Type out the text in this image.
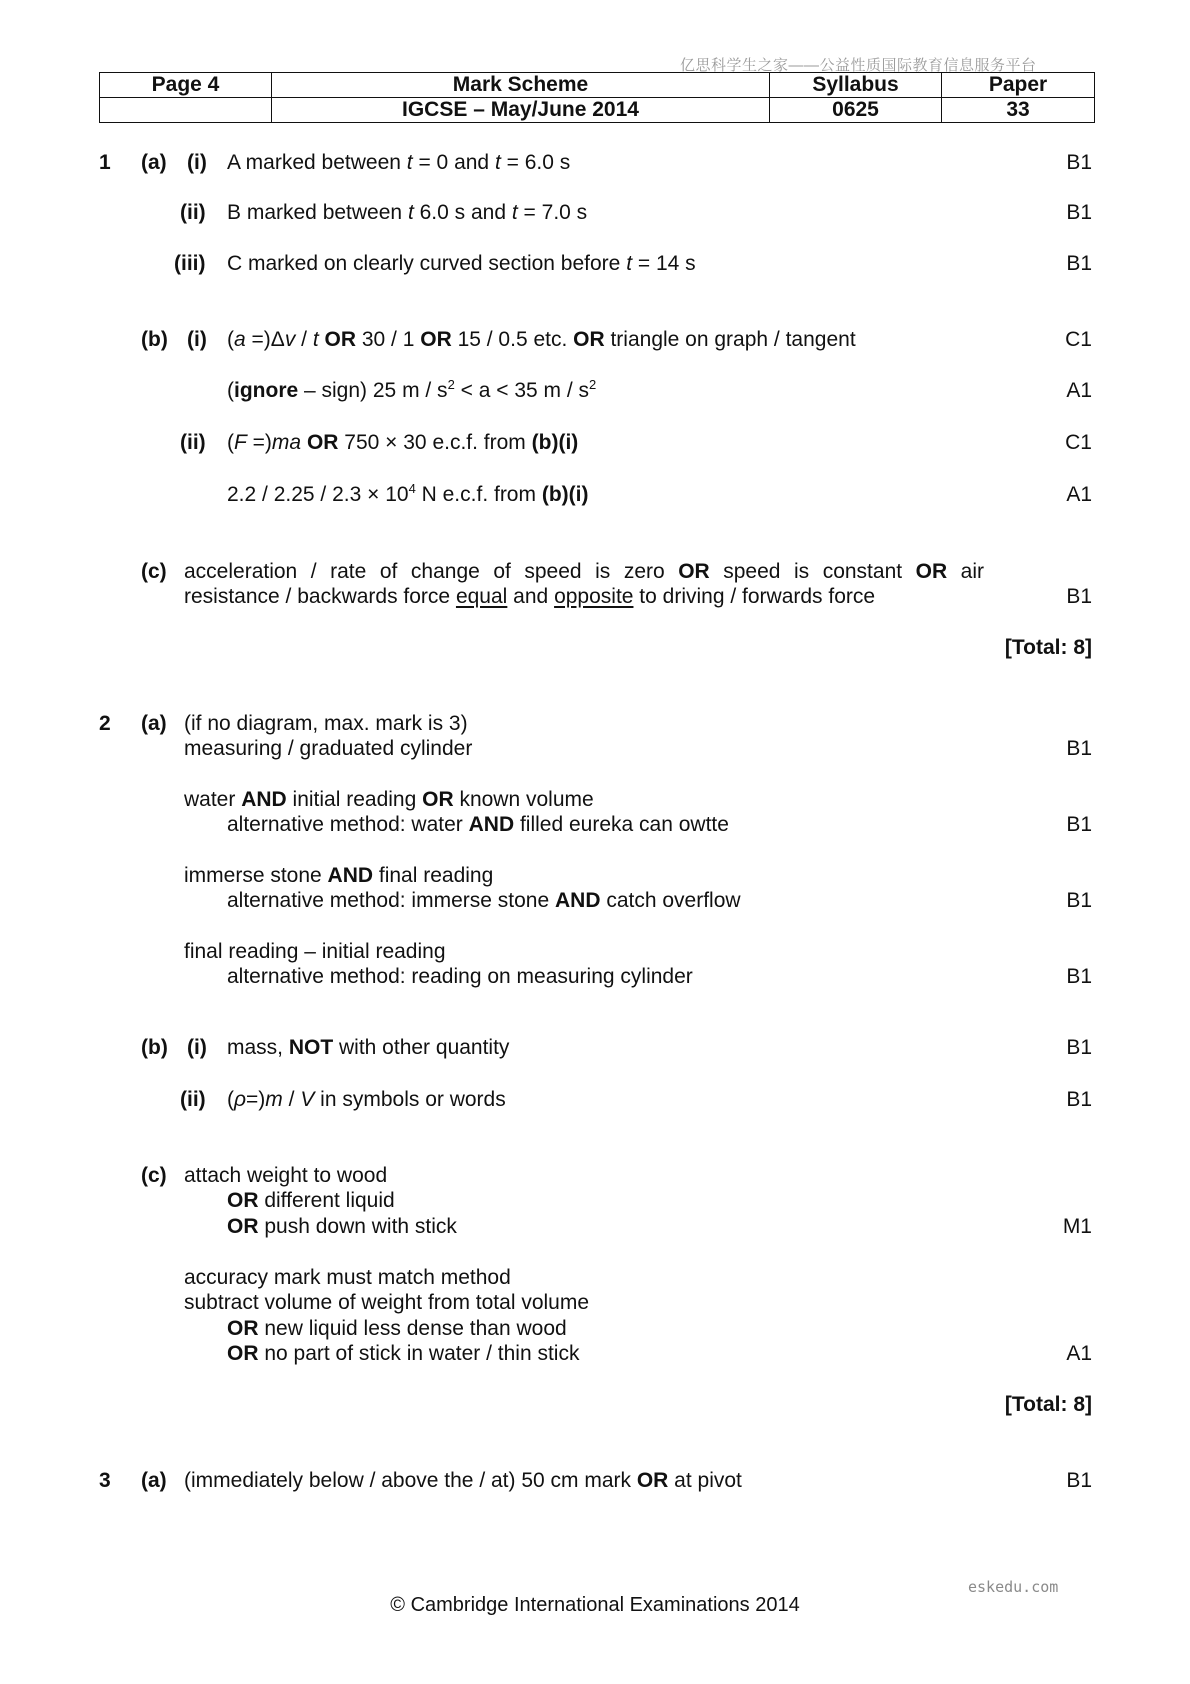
亿思科学生之家——公益性质国际教育信息服务平台
Page 4	Mark Scheme	Syllabus	Paper
	IGCSE – May/June 2014	0625	33
1 (a) (i) A marked between t = 0 and t = 6.0 s	B1
(ii) B marked between t 6.0 s and t = 7.0 s	B1
(iii) C marked on clearly curved section before t = 14 s	B1
(b) (i) (a =)Δv / t OR 30 / 1 OR 15 / 0.5 etc. OR triangle on graph / tangent	C1
(ignore – sign) 25 $m / s^2 < a < 35$ m / $s^2$	A1
(ii) (F =)ma OR 750 × 30 e.c.f. from (b)(i)	C1
$2.2 / 2.25 / 2.3 \times 10^4$ N e.c.f. from (b)(i)	A1
(c) acceleration / rate of change of speed is zero OR speed is constant OR air
resistance / backwards force equal and opposite to driving / forwards force	B1
[Total: 8]
2 (a) (if no diagram, max. mark is 3)
measuring / graduated cylinder	B1
water AND initial reading OR known volume
alternative method: water AND filled eureka can owtte	B1
immerse stone AND final reading
alternative method: immerse stone AND catch overflow	B1
final reading – initial reading
alternative method: reading on measuring cylinder	B1
(b) (i) mass, NOT with other quantity	B1
(ii) (ρ=)m / V in symbols or words	B1
(c) attach weight to wood
OR different liquid
OR push down with stick	M1
accuracy mark must match method
subtract volume of weight from total volume
OR new liquid less dense than wood
OR no part of stick in water / thin stick	A1
[Total: 8]
3 (a) (immediately below / above the / at) 50 cm mark OR at pivot	B1
eskedu.com
© Cambridge International Examinations 2014
